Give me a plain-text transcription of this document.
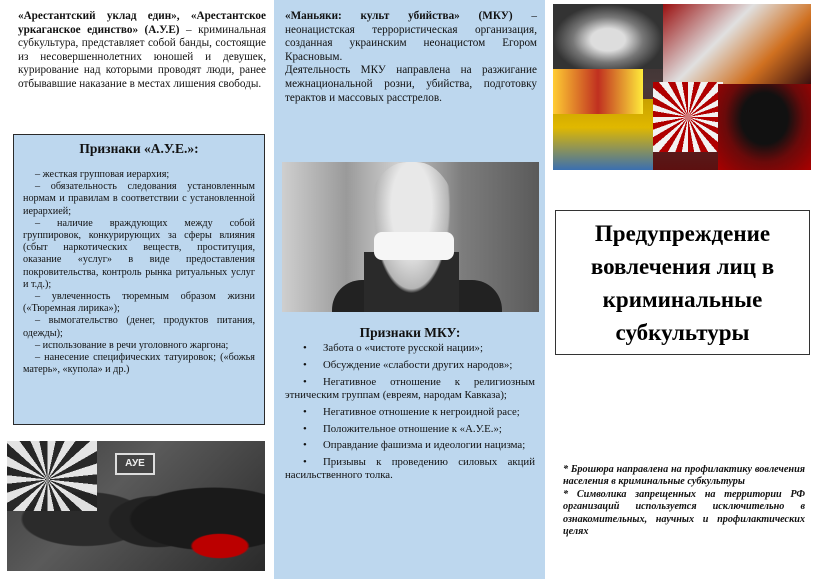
«Арестантский уклад един», «Арестантское уркаганское единство» (А.У.Е) – криминальная субкультура, представляет собой банды, состоящие из несовершеннолетних юношей и девушек, курирование над которыми проводят люди, ранее отбывавшие наказание в местах лишения свободы.
Признаки «А.У.Е.»:

– жесткая групповая иерархия;

– обязательность следования установленным нормам и правилам в соответствии с установленной иерархией;

– наличие враждующих между собой группировок, конкурирующих за сферы влияния (сбыт наркотических веществ, проституция, оказание «услуг» в виде предоставления покровительства, контроль рынка ритуальных услуг и т.д.);

– увлеченность тюремным образом жизни («Тюремная лирика»);

– вымогательство (денег, продуктов питания, одежды);

– использование в речи уголовного жаргона;

– нанесение специфических татуировок; («божья матерь», «купола» и др.)

АУЕ
«Маньяки: культ убийства» (МКУ) – неонацистская террористическая организация, созданная украинским неонацистом Егором Красновым.
Деятельность МКУ направлена на разжигание межнациональной розни, убийства, подготовку терактов и массовых расстрелов.
Признаки МКУ:
• Забота о «чистоте русской нации»;
• Обсуждение «слабости других народов»;
• Негативное отношение к религиозным этническим группам (евреям, народам Кавказа);
• Негативное отношение к негроидной расе;
• Положительное отношение к «А.У.Е.»;
• Оправдание фашизма и идеологии нацизма;
• Призывы к проведению силовых акций насильственного толка.
Предупреждение вовлечения лиц в криминальные субкультуры

* Брошюра направлена на профилактику вовлечения населения в криминальные субкультуры

* Символика запрещенных на территории РФ организаций используется исключительно в ознакомительных, научных и профилактических целях
